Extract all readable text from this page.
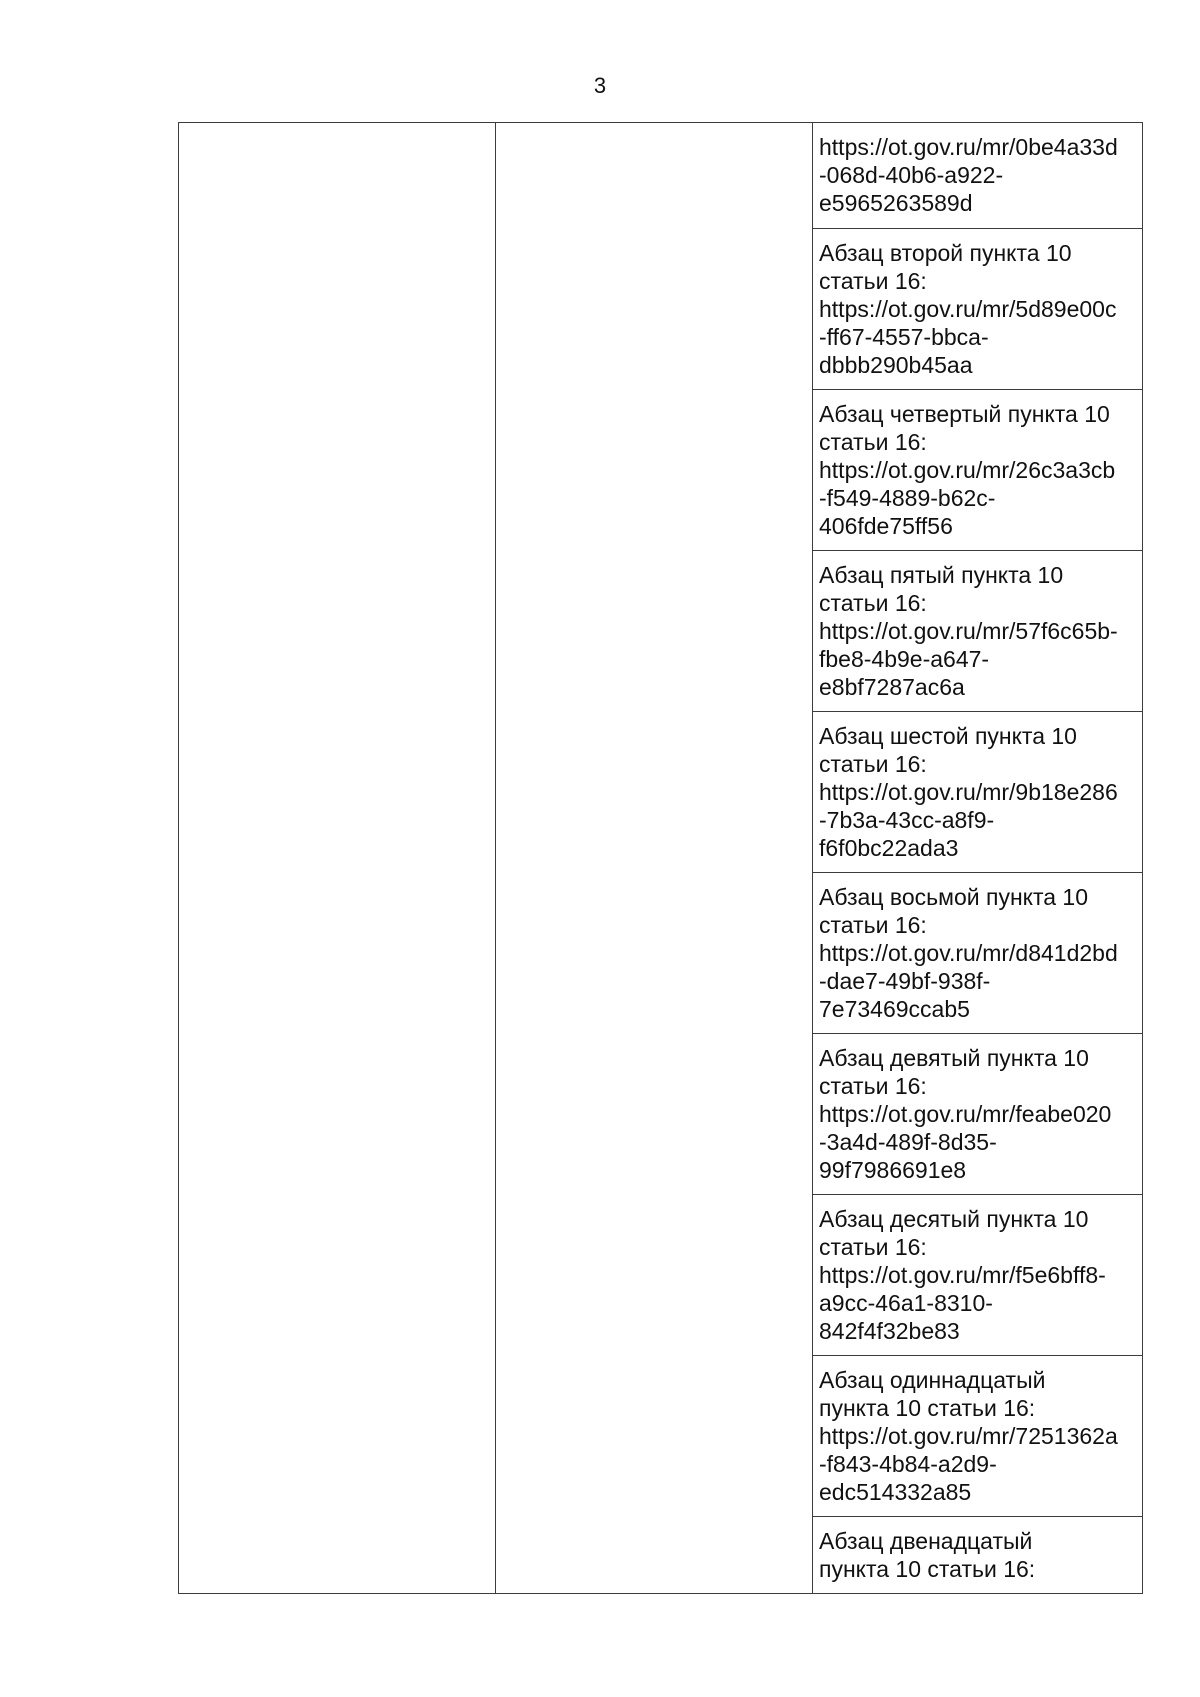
3
https://ot.gov.ru/mr/0be4a33d
-068d-40b6-a922-
e5965263589d
Абзац второй пункта 10
статьи 16:
https://ot.gov.ru/mr/5d89e00c
-ff67-4557-bbca-
dbbb290b45aa
Абзац четвертый пункта 10
статьи 16:
https://ot.gov.ru/mr/26c3a3cb
-f549-4889-b62c-
406fde75ff56
Абзац пятый пункта 10
статьи 16:
https://ot.gov.ru/mr/57f6c65b-
fbe8-4b9e-a647-
e8bf7287ac6a
Абзац шестой пункта 10
статьи 16:
https://ot.gov.ru/mr/9b18e286
-7b3a-43cc-a8f9-
f6f0bc22ada3
Абзац восьмой пункта 10
статьи 16:
https://ot.gov.ru/mr/d841d2bd
-dae7-49bf-938f-
7e73469ccab5
Абзац девятый пункта 10
статьи 16:
https://ot.gov.ru/mr/feabe020
-3a4d-489f-8d35-
99f7986691e8
Абзац десятый пункта 10
статьи 16:
https://ot.gov.ru/mr/f5e6bff8-
a9cc-46a1-8310-
842f4f32be83
Абзац одиннадцатый
пункта 10 статьи 16:
https://ot.gov.ru/mr/7251362a
-f843-4b84-a2d9-
edc514332a85
Абзац двенадцатый
пункта 10 статьи 16:
